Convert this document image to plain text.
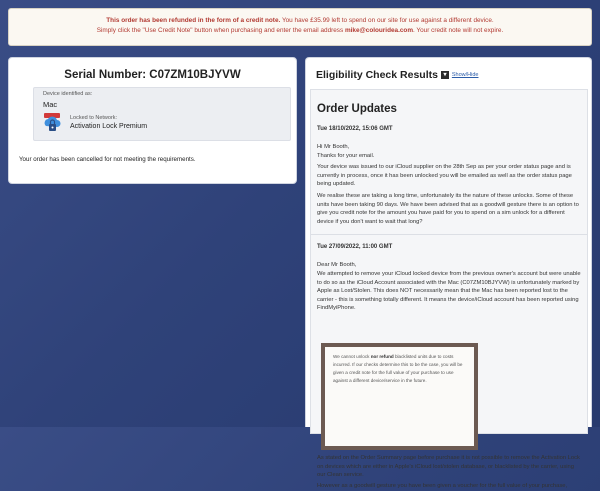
This order has been refunded in the form of a credit note. You have £35.99 left to spend on our site for use against a different device.
Simply click the "Use Credit Note" button when purchasing and enter the email address mike@colouridea.com. Your credit note will not expire.
Serial Number: C07ZM10BJYVW
Device identified as:
Mac
Locked to Network:
Activation Lock Premium
Your order has been cancelled for not meeting the requirements.
Eligibility Check Results ▾ Show/Hide
Order Updates
Tue 18/10/2022, 15:06 GMT
Hi Mr Booth,
Thanks for your email.
Your device was issued to our iCloud supplier on the 28th Sep as per your order status page and is currently in process, once it has been unlocked you will be emailed as well as the order status page being updated.
We realise these are taking a long time, unfortunately its the nature of these unlocks. Some of these units have been taking 90 days. We have been advised that as a goodwill gesture there is an option to give you credit note for the amount you have paid for you to spend on a sim unlock for a different device if you don't want to wait that long?
Tue 27/09/2022, 11:00 GMT
Dear Mr Booth,
We attempted to remove your iCloud locked device from the previous owner's account but were unable to do so as the iCloud Account associated with the Mac (C07ZM10BJYVW) is unfortunately marked by Apple as Lost/Stolen. This does NOT necessarily mean that the Mac has been reported lost to the carrier - this is something totally different. It means the device/iCloud account has been reported using FindMyiPhone.
We cannot unlock nor refund blacklisted units due to costs incurred. If our checks determine this to be the case, you will be given a credit note for the full value of your purchase to use against a different device/service in the future.
As stated on the Order Summary page before purchase it is not possible to remove the Activation Lock on devices which are either in Apple's iCloud lost/stolen database, or blacklisted by the carrier, using our Clean service.
However as a goodwill gesture you have been given a voucher for the full value of your purchase,
